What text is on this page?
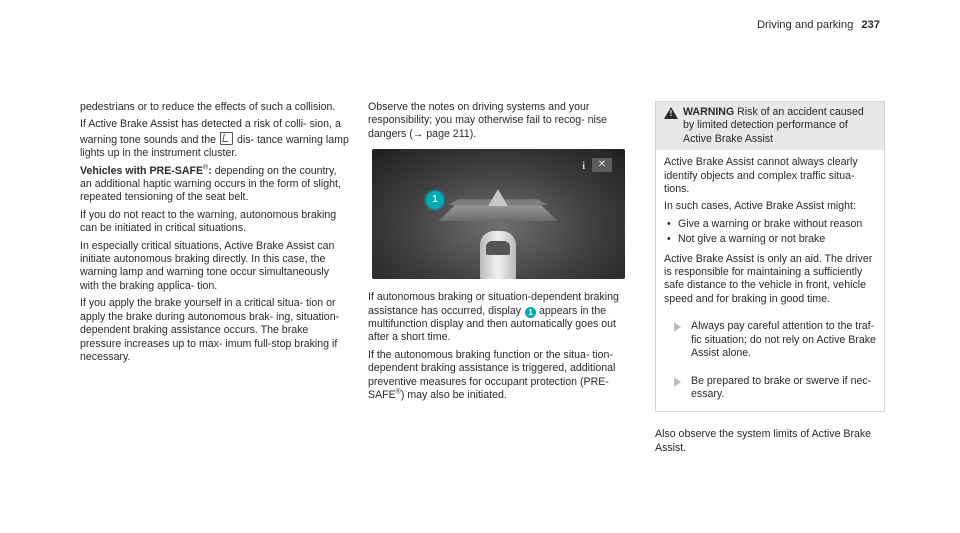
Driving and parking 237

pedestrians or to reduce the effects of such a collision.

If Active Brake Assist has detected a risk of colli- sion, a warning tone sounds and the dis- tance warning lamp lights up in the instrument cluster.

Vehicles with PRE-SAFE®: depending on the country, an additional haptic warning occurs in the form of slight, repeated tensioning of the seat belt.

If you do not react to the warning, autonomous braking can be initiated in critical situations.

In especially critical situations, Active Brake Assist can initiate autonomous braking directly. In this case, the warning lamp and warning tone occur simultaneously with the braking applica- tion.

If you apply the brake yourself in a critical situa- tion or apply the brake during autonomous brak- ing, situation-dependent braking assistance occurs. The brake pressure increases up to max- imum full-stop braking if necessary.

Observe the notes on driving systems and your responsibility; you may otherwise fail to recog- nise dangers (→ page 211).

i	✕
1

If autonomous braking or situation-dependent braking assistance has occurred, display 1 appears in the multifunction display and then automatically goes out after a short time.

If the autonomous braking function or the situa- tion-dependent braking assistance is triggered, additional preventive measures for occupant protection (PRE-SAFE®) may also be initiated.

!
WARNING Risk of an accident caused by limited detection performance of Active Brake Assist

Active Brake Assist cannot always clearly identify objects and complex traffic situa- tions.

In such cases, Active Brake Assist might:

• Give a warning or brake without reason
• Not give a warning or not brake

Active Brake Assist is only an aid. The driver is responsible for maintaining a sufficiently safe distance to the vehicle in front, vehicle speed and for braking in good time.

Always pay careful attention to the traf- fic situation; do not rely on Active Brake Assist alone.
Be prepared to brake or swerve if nec- essary.

Also observe the system limits of Active Brake Assist.
